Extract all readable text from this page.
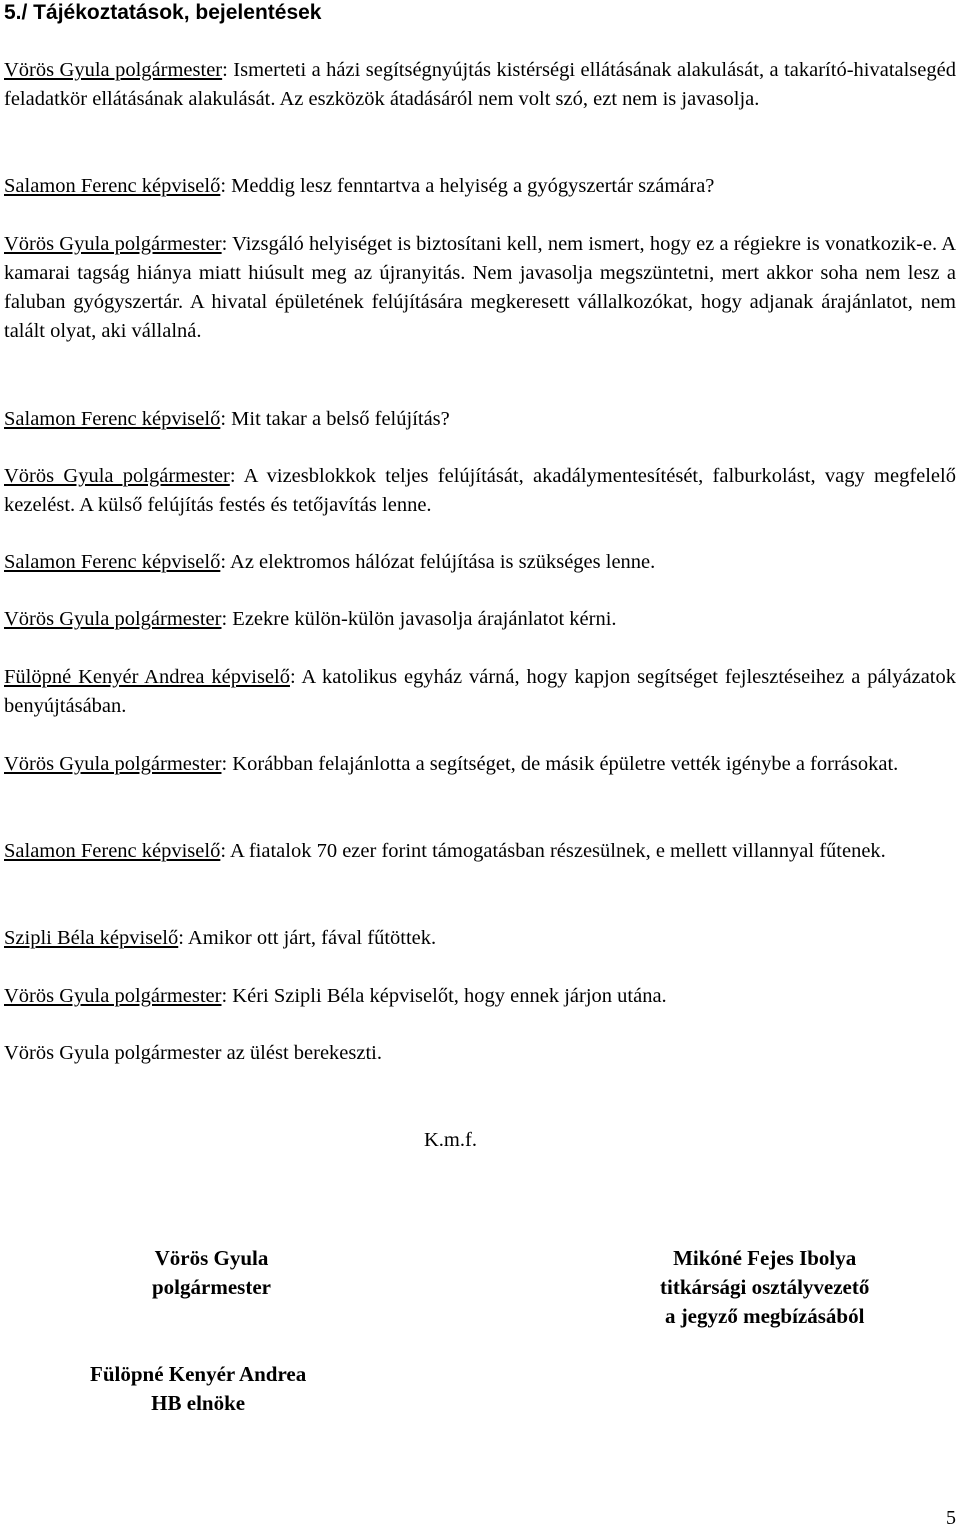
5./ Tájékoztatások, bejelentések

Vörös Gyula polgármester: Ismerteti a házi segítségnyújtás kistérségi ellátásának alakulását, a takarító-hivatalsegéd feladatkör ellátásának alakulását. Az eszközök átadásáról nem volt szó, ezt nem is javasolja.

Salamon Ferenc képviselő: Meddig lesz fenntartva a helyiség a gyógyszertár számára?

Vörös Gyula polgármester: Vizsgáló helyiséget is biztosítani kell, nem ismert, hogy ez a régiekre is vonatkozik-e. A kamarai tagság hiánya miatt hiúsult meg az újranyitás. Nem javasolja megszüntetni, mert akkor soha nem lesz a faluban gyógyszertár. A hivatal épületének felújítására megkeresett vállalkozókat, hogy adjanak árajánlatot, nem talált olyat, aki vállalná.

Salamon Ferenc képviselő: Mit takar a belső felújítás?

Vörös Gyula polgármester: A vizesblokkok teljes felújítását, akadálymentesítését, falburkolást, vagy megfelelő kezelést. A külső felújítás festés és tetőjavítás lenne.

Salamon Ferenc képviselő: Az elektromos hálózat felújítása is szükséges lenne.

Vörös Gyula polgármester: Ezekre külön-külön javasolja árajánlatot kérni.

Fülöpné Kenyér Andrea képviselő: A katolikus egyház várná, hogy kapjon segítséget fejlesztéseihez a pályázatok benyújtásában.

Vörös Gyula polgármester: Korábban felajánlotta a segítséget, de másik épületre vették igénybe a forrásokat.

Salamon Ferenc képviselő: A fiatalok 70 ezer forint támogatásban részesülnek, e mellett villannyal fűtenek.

Szipli Béla képviselő: Amikor ott járt, fával fűtöttek.

Vörös Gyula polgármester: Kéri Szipli Béla képviselőt, hogy ennek járjon utána.

Vörös Gyula polgármester az ülést berekeszti.
K.m.f.
Vörös Gyula
polgármester
Mikóné Fejes Ibolya
titkársági osztályvezető
a jegyző megbízásából
Fülöpné Kenyér Andrea
HB elnöke
5
